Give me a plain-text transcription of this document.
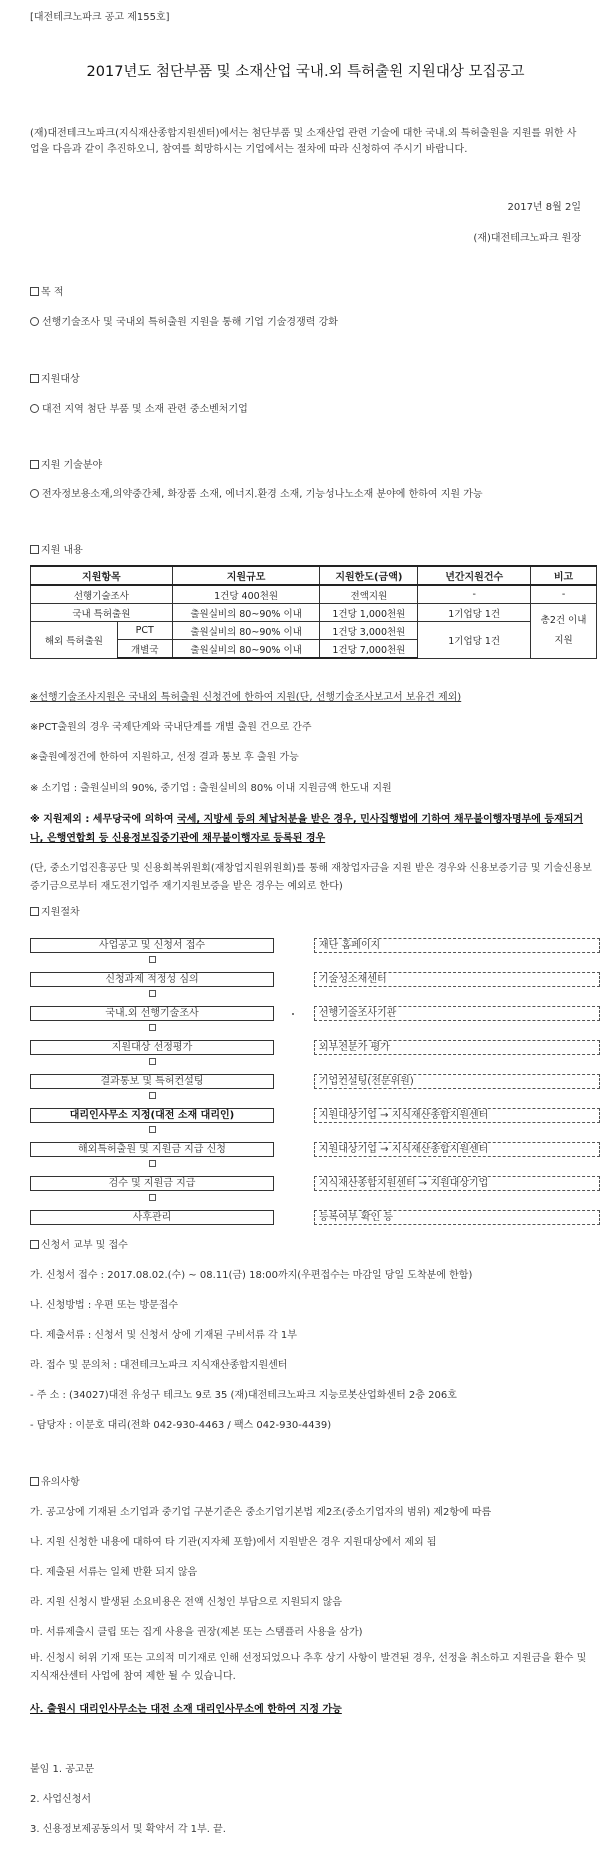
[대전테크노파크 공고 제155호]
2017년도 첨단부품 및 소재산업 국내.외 특허출원 지원대상 모집공고
(재)대전테크노파크(지식재산종합지원센터)에서는 첨단부품 및 소재산업 관련 기술에 대한 국내.외 특허출원을 지원를 위한 사업을 다음과 같이 추진하오니, 참여를 희망하시는 기업에서는 절차에 따라 신청하여 주시기 바랍니다.
2017년 8월 2일
(재)대전테크노파크 원장
목 적
선행기술조사 및 국내외 특허출원 지원을 통해 기업 기술경쟁력 강화
지원대상
대전 지역 첨단 부품 및 소재 관련 중소벤처기업
지원 기술분야
전자정보용소재,의약중간체, 화장품 소재, 에너지.환경 소재, 기능성나노소재 분야에 한하여 지원 가능
지원 내용
지원항목		지원규모	지원한도(금액)	년간지원건수	비고
선행기술조사		1건당 400천원	전액지원	-	-
국내 특허출원		출원실비의 80~90% 이내	1건당 1,000천원	1기업당 1건	총2건 이내 지원
해외 특허출원	PCT	출원실비의 80~90% 이내	1건당 3,000천원	1기업당 1건	
	개별국	출원실비의 80~90% 이내	1건당 7,000천원		
※선행기술조사지원은 국내외 특허출원 신청건에 한하여 지원(단, 선행기술조사보고서 보유건 제외)
※PCT출원의 경우 국제단계와 국내단계를 개별 출원 건으로 간주
※출원예정건에 한하여 지원하고, 선정 결과 통보 후 출원 가능
※ 소기업 : 출원실비의 90%, 중기업 : 출원실비의 80% 이내 지원금액 한도내 지원
※ 지원제외 : 세무당국에 의하여 국세, 지방세 등의 체납처분을 받은 경우, 민사집행법에 기하여 채무불이행자명부에 등재되거나, 은행연합회 등 신용정보집중기관에 채무불이행자로 등록된 경우
(단, 중소기업진흥공단 및 신용회복위원회(재창업지원위원회)를 통해 재창업자금을 지원 받은 경우와 신용보증기금 및 기술신용보증기금으로부터 재도전기업주 재기지원보증을 받은 경우는 예외로 한다)
지원절차
사업공고 및 신청서 접수	재단 홈페이지
신청과제 적정성 심의	기술성소재센터
국내.외 선행기술조사	선행기술조사기관
지원대상 선정평가	외부전문가 평가
결과통보 및 특허컨설팅	기업컨설팅(전문위원)
대리인사무소 지정(대전 소재 대리인)	지원대상기업 → 지식재산종합지원센터
해외특허출원 및 지원금 지급 신청	지원대상기업 → 지식재산종합지원센터
검수 및 지원금 지급	지식재산종합지원센터 → 지원대상기업
사후관리	등록여부 확인 등
신청서 교부 및 접수
가. 신청서 접수 : 2017.08.02.(수) ~ 08.11(금) 18:00까지(우편접수는 마감일 당일 도착분에 한함)
나. 신청방법 : 우편 또는 방문접수
다. 제출서류 : 신청서 및 신청서 상에 기재된 구비서류 각 1부
라. 접수 및 문의처 : 대전테크노파크 지식재산종합지원센터
- 주 소 : (34027)대전 유성구 테크노 9로 35 (재)대전테크노파크 지능로봇산업화센터 2층 206호
- 담당자 : 이문호 대리(전화 042-930-4463 / 팩스 042-930-4439)
유의사항
가. 공고상에 기재된 소기업과 중기업 구분기준은 중소기업기본법 제2조(중소기업자의 범위) 제2항에 따름
나. 지원 신청한 내용에 대하여 타 기관(지자체 포함)에서 지원받은 경우 지원대상에서 제외 됨
다. 제출된 서류는 일체 반환 되지 않음
라. 지원 신청시 발생된 소요비용은 전액 신청인 부담으로 지원되지 않음
마. 서류제출시 클립 또는 집게 사용을 권장(제본 또는 스탬플러 사용을 삼가)
바. 신청시 허위 기재 또는 고의적 미기재로 인해 선정되었으나 추후 상기 사항이 발견된 경우, 선정을 취소하고 지원금을 환수 및 지식재산센터 사업에 참여 제한 될 수 있습니다.
사. 출원시 대리인사무소는 대전 소재 대리인사무소에 한하여 지정 가능
붙임 1. 공고문
2. 사업신청서
3. 신용정보제공동의서 및 확약서 각 1부. 끝.
